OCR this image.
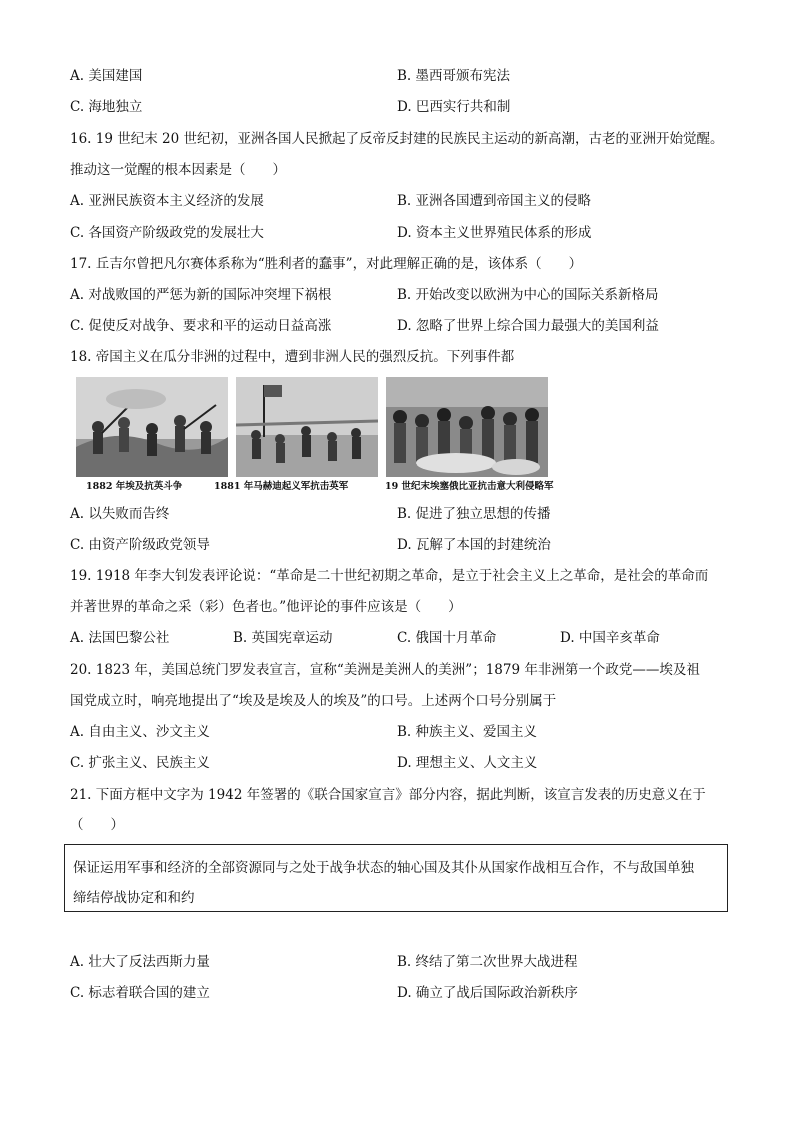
A. 美国建国	B. 墨西哥颁布宪法
C. 海地独立	D. 巴西实行共和制
16. 19 世纪末 20 世纪初，亚洲各国人民掀起了反帝反封建的民族民主运动的新高潮，古老的亚洲开始觉醒。
推动这一觉醒的根本因素是（　　）
A. 亚洲民族资本主义经济的发展	B. 亚洲各国遭到帝国主义的侵略
C. 各国资产阶级政党的发展壮大	D. 资本主义世界殖民体系的形成
17. 丘吉尔曾把凡尔赛体系称为“胜利者的蠢事”，对此理解正确的是，该体系（　　）
A. 对战败国的严惩为新的国际冲突埋下祸根	B. 开始改变以欧洲为中心的国际关系新格局
C. 促使反对战争、要求和平的运动日益高涨	D. 忽略了世界上综合国力最强大的美国利益
18. 帝国主义在瓜分非洲的过程中，遭到非洲人民的强烈反抗。下列事件都
1882 年埃及抗英斗争	1881 年马赫迪起义军抗击英军	19 世纪末埃塞俄比亚抗击意大利侵略军
A. 以失败而告终	B. 促进了独立思想的传播
C. 由资产阶级政党领导	D. 瓦解了本国的封建统治
19. 1918 年李大钊发表评论说：“革命是二十世纪初期之革命，是立于社会主义上之革命，是社会的革命而
并著世界的革命之采（彩）色者也。”他评论的事件应该是（　　）
A. 法国巴黎公社	B. 英国宪章运动	C. 俄国十月革命	D. 中国辛亥革命
20. 1823 年，美国总统门罗发表宣言，宣称“美洲是美洲人的美洲”；1879 年非洲第一个政党——埃及祖
国党成立时，响亮地提出了“埃及是埃及人的埃及”的口号。上述两个口号分别属于
A. 自由主义、沙文主义	B. 种族主义、爱国主义
C. 扩张主义、民族主义	D. 理想主义、人文主义
21. 下面方框中文字为 1942 年签署的《联合国家宣言》部分内容，据此判断，该宣言发表的历史意义在于
（　　）
保证运用军事和经济的全部资源同与之处于战争状态的轴心国及其仆从国家作战相互合作，不与敌国单独
缔结停战协定和和约
A. 壮大了反法西斯力量	B. 终结了第二次世界大战进程
C. 标志着联合国的建立	D. 确立了战后国际政治新秩序
